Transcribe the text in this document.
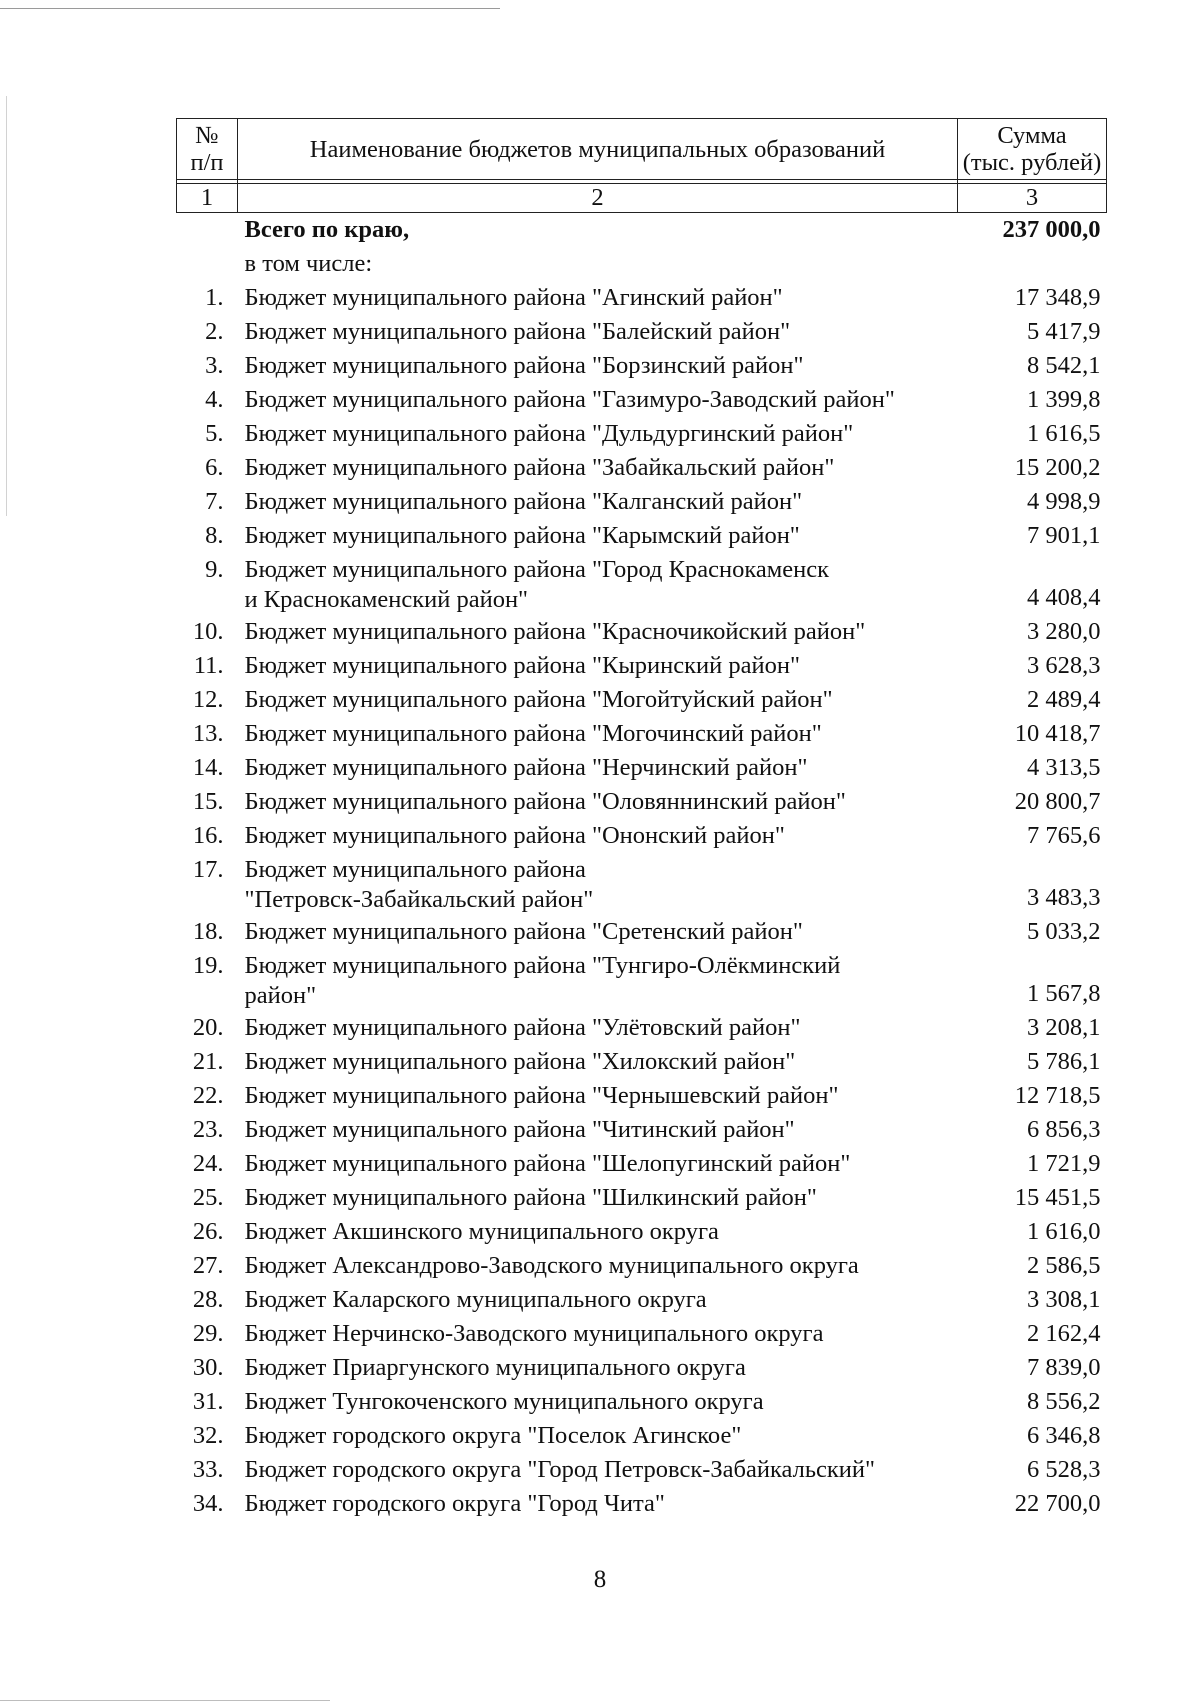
№
п/п	Наименование бюджетов муниципальных образований	Сумма
(тыс. рублей)

1	2	3
	Всего по краю,	237 000,0
	в том числе:	
1.	Бюджет муниципального района "Агинский район"	17 348,9
2.	Бюджет муниципального района "Балейский район"	5 417,9
3.	Бюджет муниципального района "Борзинский район"	8 542,1
4.	Бюджет муниципального района "Газимуро-Заводский район"	1 399,8
5.	Бюджет муниципального района "Дульдургинский район"	1 616,5
6.	Бюджет муниципального района "Забайкальский район"	15 200,2
7.	Бюджет муниципального района "Калганский район"	4 998,9
8.	Бюджет муниципального района "Карымский район"	7 901,1
9.	Бюджет муниципального района "Город Краснокаменск
и Краснокаменский район"	4 408,4
10.	Бюджет муниципального района "Красночикойский район"	3 280,0
11.	Бюджет муниципального района "Кыринский район"	3 628,3
12.	Бюджет муниципального района "Могойтуйский район"	2 489,4
13.	Бюджет муниципального района "Могочинский район"	10 418,7
14.	Бюджет муниципального района "Нерчинский район"	4 313,5
15.	Бюджет муниципального района "Оловяннинский район"	20 800,7
16.	Бюджет муниципального района "Ононский район"	7 765,6
17.	Бюджет муниципального района
"Петровск-Забайкальский район"	3 483,3
18.	Бюджет муниципального района "Сретенский район"	5 033,2
19.	Бюджет муниципального района "Тунгиро-Олёкминский
район"	1 567,8
20.	Бюджет муниципального района "Улётовский район"	3 208,1
21.	Бюджет муниципального района "Хилокский район"	5 786,1
22.	Бюджет муниципального района "Чернышевский район"	12 718,5
23.	Бюджет муниципального района "Читинский район"	6 856,3
24.	Бюджет муниципального района "Шелопугинский район"	1 721,9
25.	Бюджет муниципального района "Шилкинский район"	15 451,5
26.	Бюджет Акшинского муниципального округа	1 616,0
27.	Бюджет Александрово-Заводского муниципального округа	2 586,5
28.	Бюджет Каларского муниципального округа	3 308,1
29.	Бюджет Нерчинско-Заводского муниципального округа	2 162,4
30.	Бюджет Приаргунского муниципального округа	7 839,0
31.	Бюджет Тунгокоченского муниципального округа	8 556,2
32.	Бюджет городского округа "Поселок Агинское"	6 346,8
33.	Бюджет городского округа "Город Петровск-Забайкальский"	6 528,3
34.	Бюджет городского округа "Город Чита"	22 700,0
8
